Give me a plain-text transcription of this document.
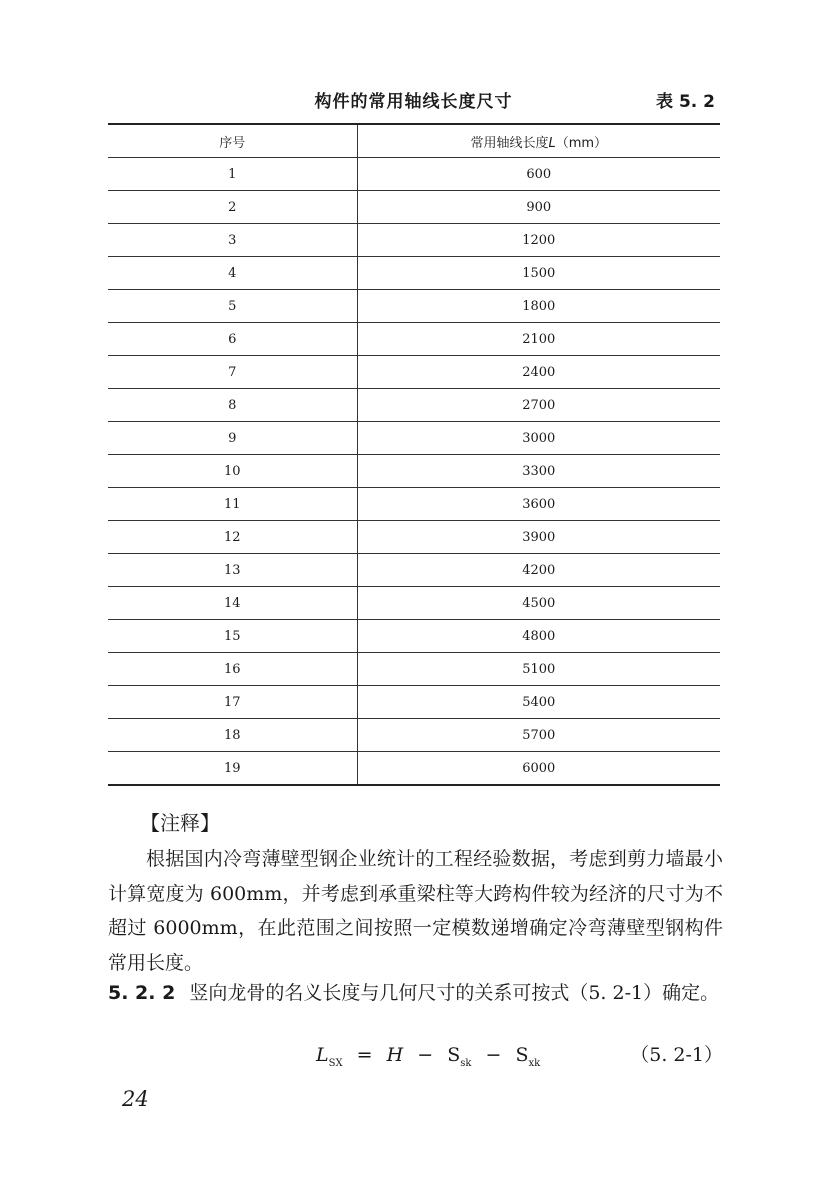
构件的常用轴线长度尺寸	表 5. 2
序号	常用轴线长度L（mm）
1	600
2	900
3	1200
4	1500
5	1800
6	2100
7	2400
8	2700
9	3000
10	3300
11	3600
12	3900
13	4200
14	4500
15	4800
16	5100
17	5400
18	5700
19	6000
【注释】
根据国内冷弯薄壁型钢企业统计的工程经验数据，考虑到剪力墙最小计算宽度为 600mm，并考虑到承重梁柱等大跨构件较为经济的尺寸为不超过 6000mm，在此范围之间按照一定模数递增确定冷弯薄壁型钢构件常用长度。
5. 2. 2 竖向龙骨的名义长度与几何尺寸的关系可按式（5. 2-1）确定。
$L_{SX} = H - S_{sk} - S_{xk}$	（5. 2-1）
24
